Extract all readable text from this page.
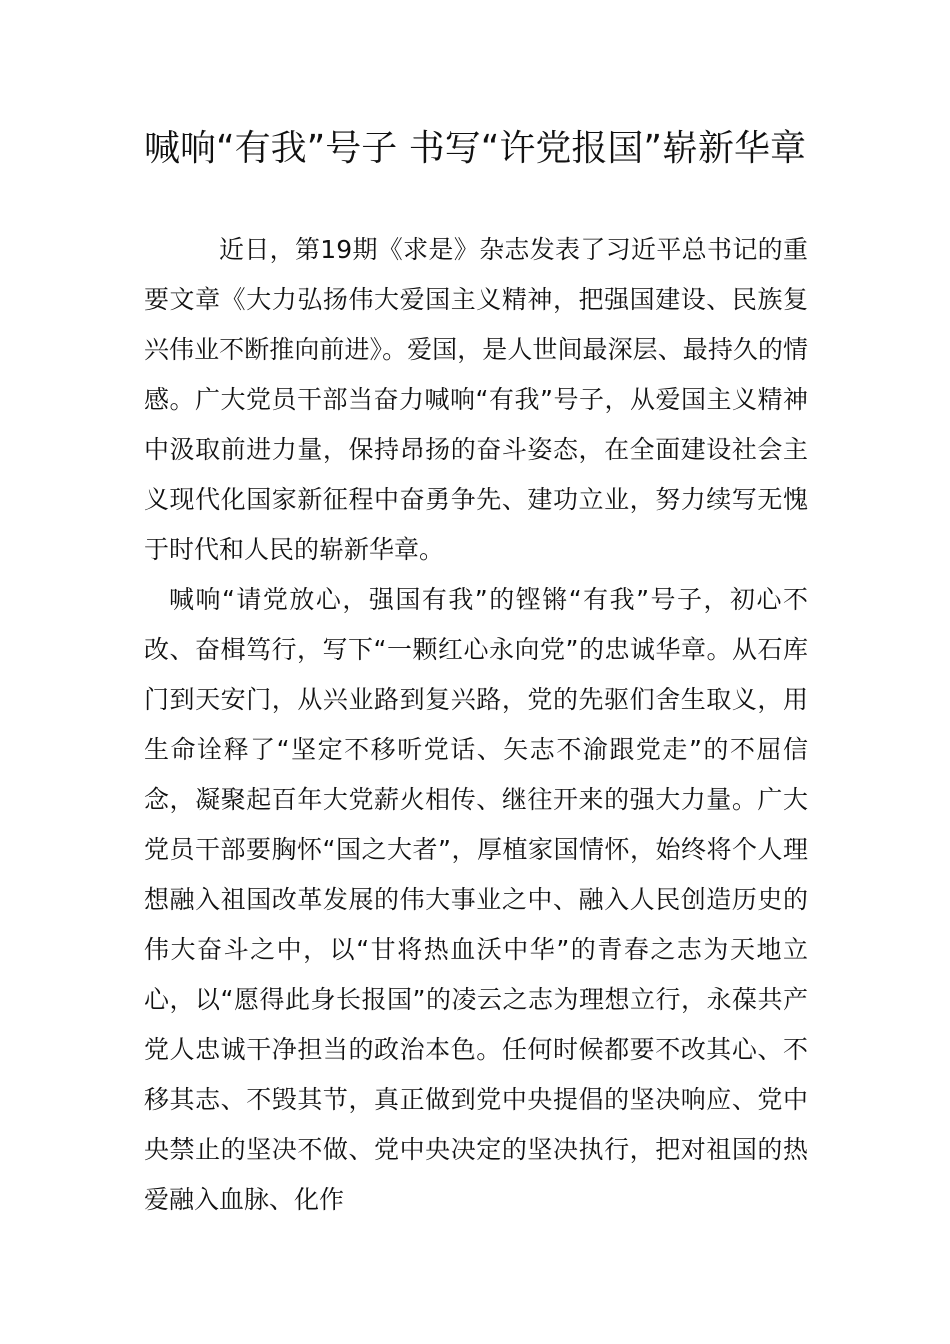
喊响“有我”号子 书写“许党报国”崭新华章

近日，第19期《求是》杂志发表了习近平总书记的重要文章《大力弘扬伟大爱国主义精神，把强国建设、民族复兴伟业不断推向前进》。爱国，是人世间最深层、最持久的情感。广大党员干部当奋力喊响“有我”号子，从爱国主义精神中汲取前进力量，保持昂扬的奋斗姿态，在全面建设社会主义现代化国家新征程中奋勇争先、建功立业，努力续写无愧于时代和人民的崭新华章。

喊响“请党放心，强国有我”的铿锵“有我”号子，初心不改、奋楫笃行，写下“一颗红心永向党”的忠诚华章。从石库门到天安门，从兴业路到复兴路，党的先驱们舍生取义，用生命诠释了“坚定不移听党话、矢志不渝跟党走”的不屈信念，凝聚起百年大党薪火相传、继往开来的强大力量。广大党员干部要胸怀“国之大者”，厚植家国情怀，始终将个人理想融入祖国改革发展的伟大事业之中、融入人民创造历史的伟大奋斗之中，以“甘将热血沃中华”的青春之志为天地立心，以“愿得此身长报国”的凌云之志为理想立行，永葆共产党人忠诚干净担当的政治本色。任何时候都要不改其心、不移其志、不毁其节，真正做到党中央提倡的坚决响应、党中央禁止的坚决不做、党中央决定的坚决执行，把对祖国的热爱融入血脉、化作
